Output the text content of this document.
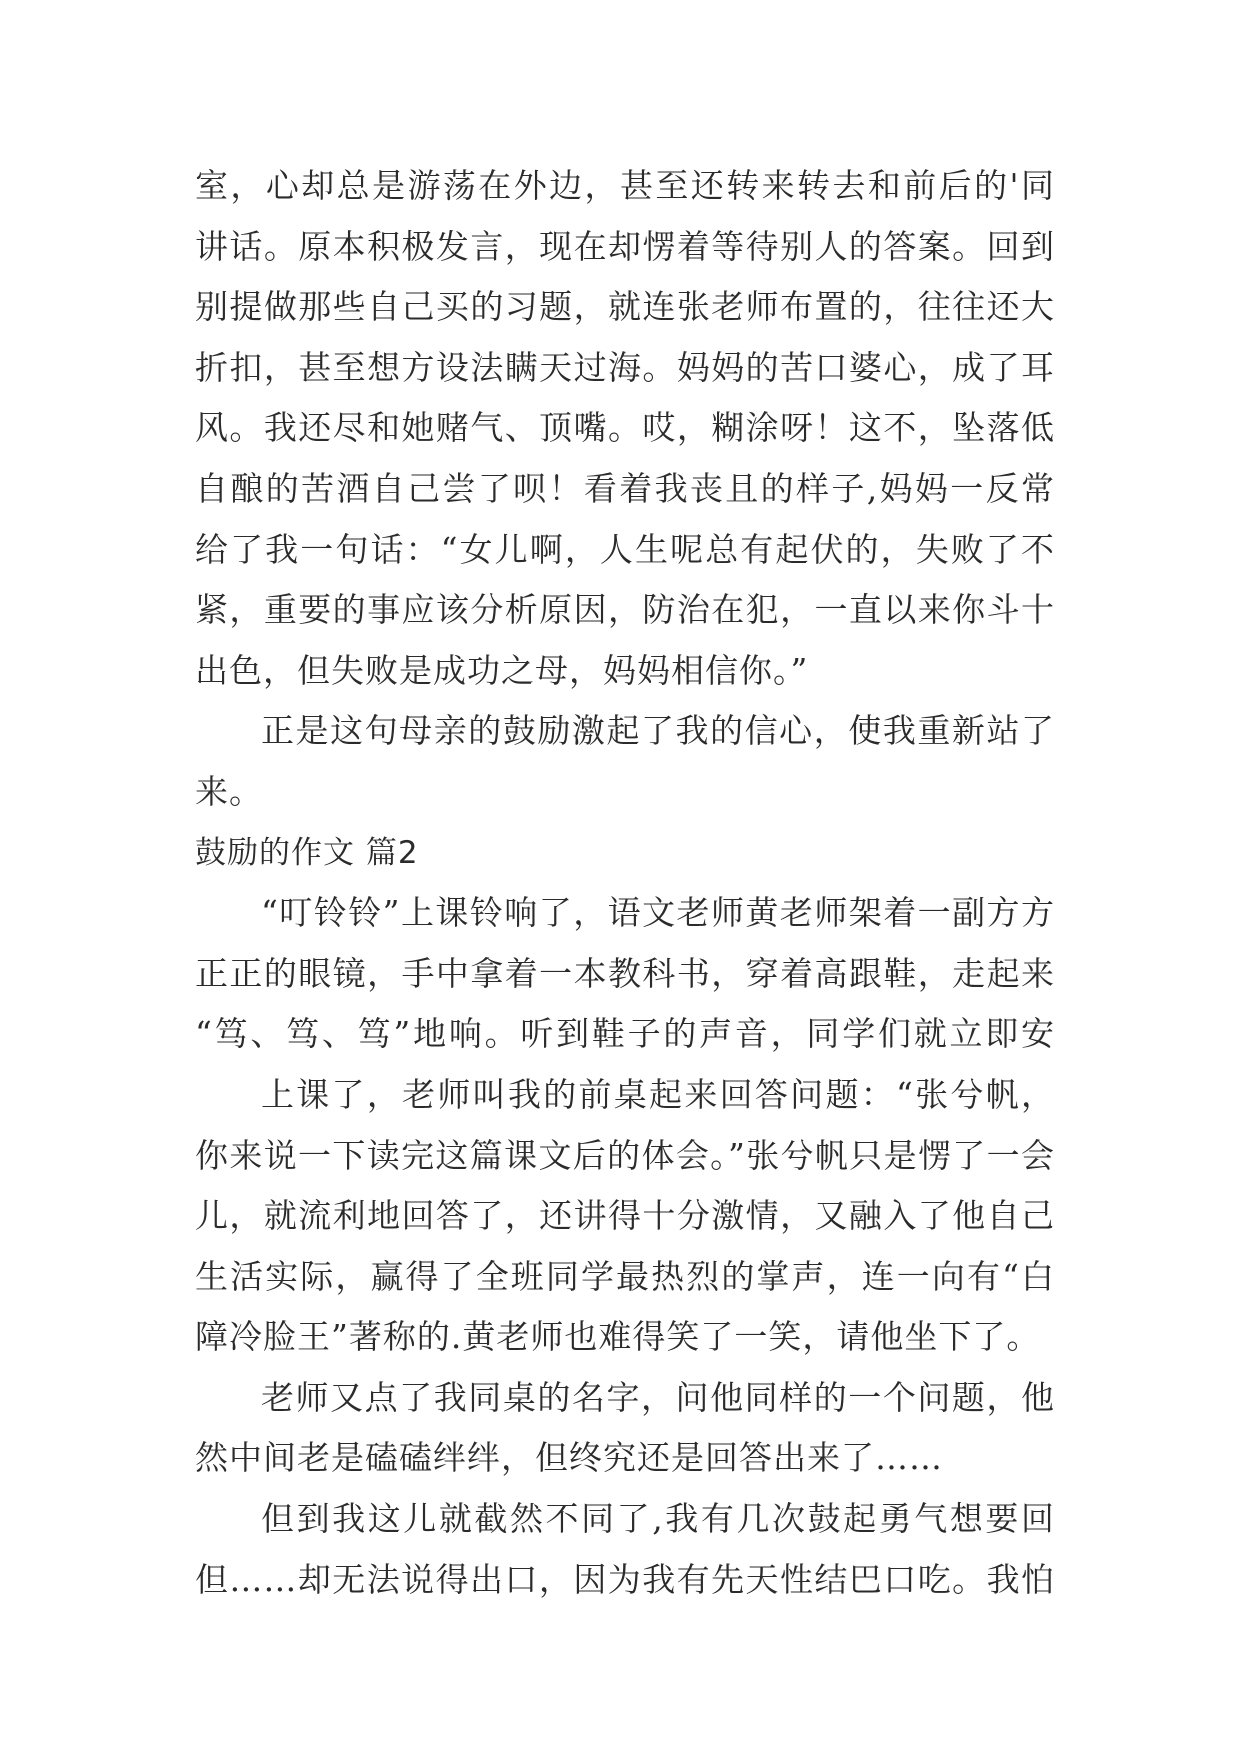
室，心却总是游荡在外边，甚至还转来转去和前后的'同
讲话。原本积极发言，现在却愣着等待别人的答案。回到
别提做那些自己买的习题，就连张老师布置的，往往还大
折扣，甚至想方设法瞒天过海。妈妈的苦口婆心，成了耳
风。我还尽和她赌气、顶嘴。哎，糊涂呀！这不，坠落低
自酿的苦酒自己尝了呗！看着我丧且的样子,妈妈一反常
给了我一句话：“女儿啊，人生呢总有起伏的，失败了不
紧，重要的事应该分析原因，防治在犯，一直以来你斗十
出色，但失败是成功之母，妈妈相信你。”
正是这句母亲的鼓励激起了我的信心，使我重新站了
来。
鼓励的作文 篇2
“叮铃铃”上课铃响了，语文老师黄老师架着一副方方
正正的眼镜，手中拿着一本教科书，穿着高跟鞋，走起来
“笃、笃、笃”地响。听到鞋子的声音，同学们就立即安
上课了，老师叫我的前桌起来回答问题：“张兮帆，
你来说一下读完这篇课文后的体会。”张兮帆只是愣了一会
儿，就流利地回答了，还讲得十分激情，又融入了他自己
生活实际，赢得了全班同学最热烈的掌声，连一向有“白
障冷脸王”著称的.黄老师也难得笑了一笑，请他坐下了。
老师又点了我同桌的名字，问他同样的一个问题，他
然中间老是磕磕绊绊，但终究还是回答出来了……
但到我这儿就截然不同了,我有几次鼓起勇气想要回
但……却无法说得出口，因为我有先天性结巴口吃。我怕
